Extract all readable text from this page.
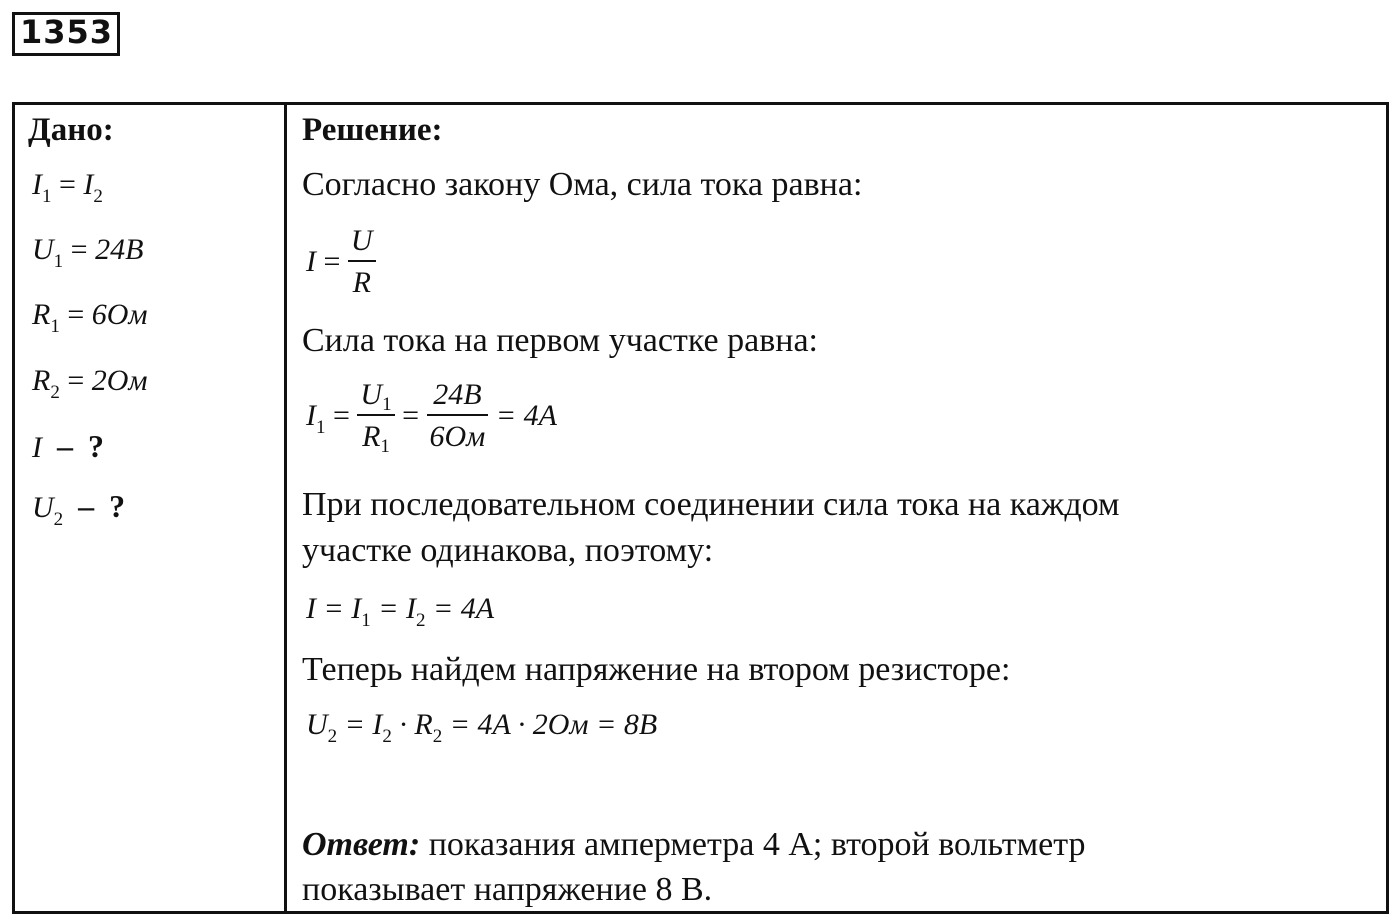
1353
Дано:
$I_1 = I_2$
$U_1 = 24B$
$R_1 = 6Ом$
$R_2 = 2Ом$
I – ?
$U_2$ – ?
Решение:
Согласно закону Ома, сила тока равна:
$I = \frac{U}{R}$
Сила тока на первом участке равна:
$I_1 = \frac{U_1}{R_1} = \frac{24B}{6Ом} = 4A$
При последовательном соединении сила тока на каждом
участке одинакова, поэтому:
$I = I_1 = I_2 = 4A$
Теперь найдем напряжение на втором резисторе:
$U_2 = I_2 \cdot R_2 = 4A \cdot 2Ом = 8B$
Ответ: показания амперметра 4 А; второй вольтметр
показывает напряжение 8 В.
